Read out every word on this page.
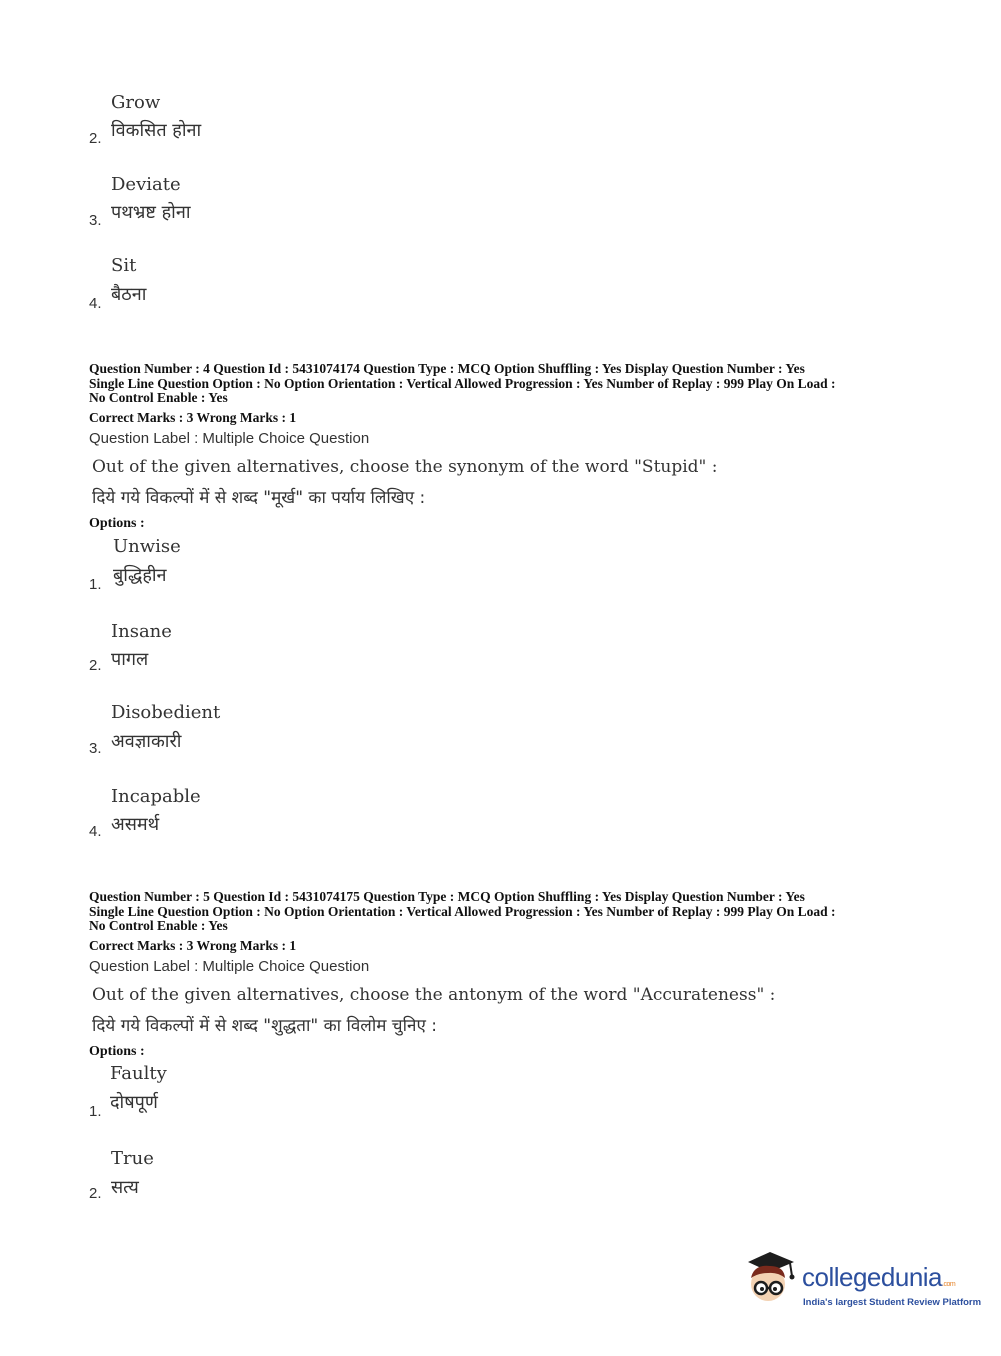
Grow
विकसित होना
2.
Deviate
पथभ्रष्ट होना
3.
Sit
बैठना
4.
Question Number : 4 Question Id : 5431074174 Question Type : MCQ Option Shuffling : Yes Display Question Number : Yes
Single Line Question Option : No Option Orientation : Vertical Allowed Progression : Yes Number of Replay : 999 Play On Load :
No Control Enable : Yes
Correct Marks : 3 Wrong Marks : 1
Question Label : Multiple Choice Question
Out of the given alternatives, choose the synonym of the word "Stupid" :
दिये गये विकल्पों में से शब्द "मूर्ख" का पर्याय लिखिए :
Options :
Unwise
बुद्धिहीन
1.
Insane
पागल
2.
Disobedient
अवज्ञाकारी
3.
Incapable
असमर्थ
4.
Question Number : 5 Question Id : 5431074175 Question Type : MCQ Option Shuffling : Yes Display Question Number : Yes
Single Line Question Option : No Option Orientation : Vertical Allowed Progression : Yes Number of Replay : 999 Play On Load :
No Control Enable : Yes
Correct Marks : 3 Wrong Marks : 1
Question Label : Multiple Choice Question
Out of the given alternatives, choose the antonym of the word "Accurateness" :
दिये गये विकल्पों में से शब्द "शुद्धता" का विलोम चुनिए :
Options :
Faulty
दोषपूर्ण
1.
True
सत्य
2.
collegedunia.com
India's largest Student Review Platform
